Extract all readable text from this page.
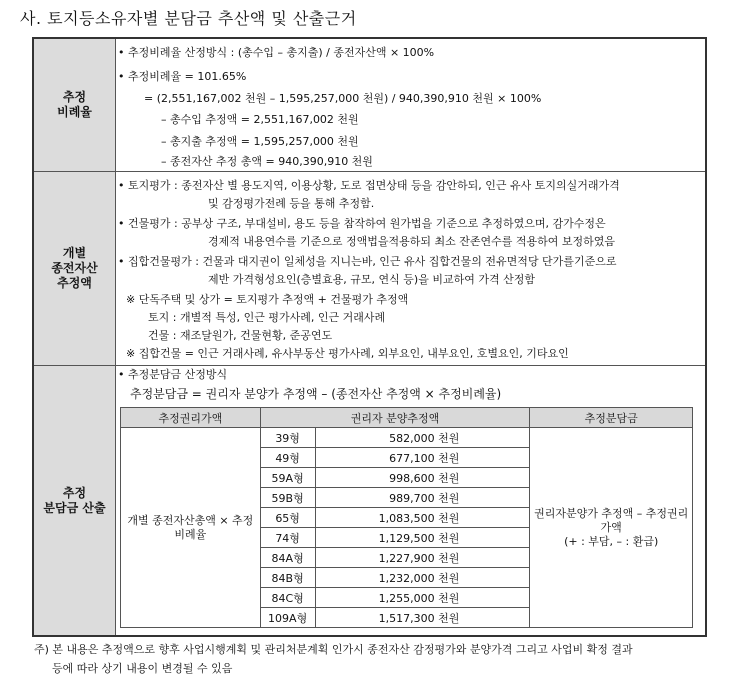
사. 토지등소유자별 분담금 추산액 및 산출근거
추정
비례율
• 추정비례율 산정방식 : (총수입 – 총지출) / 종전자산액 × 100%
• 추정비례율 = 101.65%
= (2,551,167,002 천원 – 1,595,257,000 천원) / 940,390,910 천원 × 100%
– 총수입 추정액 = 2,551,167,002 천원
– 총지출 추정액 = 1,595,257,000 천원
– 종전자산 추정 총액 = 940,390,910 천원
개별
종전자산
추정액
• 토지평가 : 종전자산 별 용도지역, 이용상황, 도로 접면상태 등을 감안하되, 인근 유사 토지의실거래가격
및 감정평가전례 등을 통해 추정함.
• 건물평가 : 공부상 구조, 부대설비, 용도 등을 참작하여 원가법을 기준으로 추정하였으며, 감가수정은
경제적 내용연수를 기준으로 정액법을적용하되 최소 잔존연수를 적용하여 보정하였음
• 집합건물평가 : 건물과 대지권이 일체성을 지니는바, 인근 유사 집합건물의 전유면적당 단가를기준으로
제반 가격형성요인(층별효용, 규모, 연식 등)을 비교하여 가격 산정함
※ 단독주택 및 상가 = 토지평가 추정액 + 건물평가 추정액
토지 : 개별적 특성, 인근 평가사례, 인근 거래사례
건물 : 재조달원가, 건물현황, 준공연도
※ 집합건물 = 인근 거래사례, 유사부동산 평가사례, 외부요인, 내부요인, 호별요인, 기타요인
추정
분담금 산출
• 추정분담금 산정방식
추정분담금 = 권리자 분양가 추정액 – (종전자산 추정액 × 추정비례율)
추정권리가액	권리자 분양추정액		추정분담금
개별 종전자산총액 × 추정 비례율	39형	582,000 천원	권리자분양가 추정액 – 추정권리가액
(+ : 부담, – : 환급)

	49형	677,100 천원	
	59A형	998,600 천원	
	59B형	989,700 천원	
	65형	1,083,500 천원	
	74형	1,129,500 천원	
	84A형	1,227,900 천원	
	84B형	1,232,000 천원	
	84C형	1,255,000 천원	
	109A형	1,517,300 천원	
주) 본 내용은 추정액으로 향후 사업시행계획 및 관리처분계획 인가시 종전자산 감정평가와 분양가격 그리고 사업비 확정 결과
등에 따라 상기 내용이 변경될 수 있음
